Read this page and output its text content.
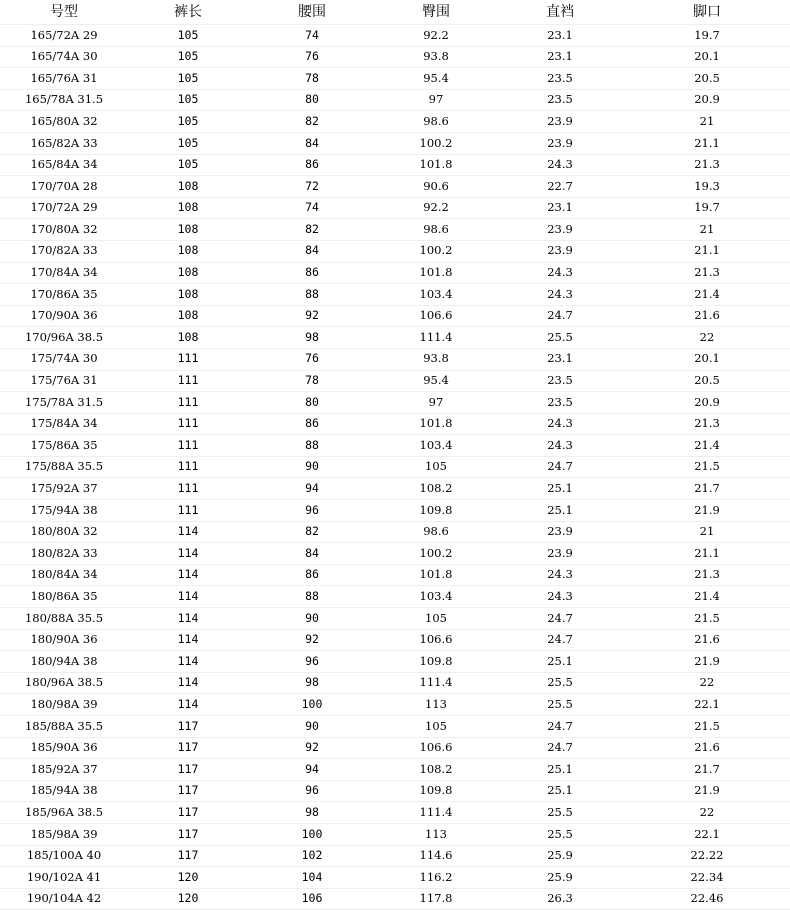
号型	裤长	腰围	臀围	直裆	脚口
165/72A 29	105	74	92.2	23.1	19.7
165/74A 30	105	76	93.8	23.1	20.1
165/76A 31	105	78	95.4	23.5	20.5
165/78A 31.5	105	80	97	23.5	20.9
165/80A 32	105	82	98.6	23.9	21
165/82A 33	105	84	100.2	23.9	21.1
165/84A 34	105	86	101.8	24.3	21.3
170/70A 28	108	72	90.6	22.7	19.3
170/72A 29	108	74	92.2	23.1	19.7
170/80A 32	108	82	98.6	23.9	21
170/82A 33	108	84	100.2	23.9	21.1
170/84A 34	108	86	101.8	24.3	21.3
170/86A 35	108	88	103.4	24.3	21.4
170/90A 36	108	92	106.6	24.7	21.6
170/96A 38.5	108	98	111.4	25.5	22
175/74A 30	111	76	93.8	23.1	20.1
175/76A 31	111	78	95.4	23.5	20.5
175/78A 31.5	111	80	97	23.5	20.9
175/84A 34	111	86	101.8	24.3	21.3
175/86A 35	111	88	103.4	24.3	21.4
175/88A 35.5	111	90	105	24.7	21.5
175/92A 37	111	94	108.2	25.1	21.7
175/94A 38	111	96	109.8	25.1	21.9
180/80A 32	114	82	98.6	23.9	21
180/82A 33	114	84	100.2	23.9	21.1
180/84A 34	114	86	101.8	24.3	21.3
180/86A 35	114	88	103.4	24.3	21.4
180/88A 35.5	114	90	105	24.7	21.5
180/90A 36	114	92	106.6	24.7	21.6
180/94A 38	114	96	109.8	25.1	21.9
180/96A 38.5	114	98	111.4	25.5	22
180/98A 39	114	100	113	25.5	22.1
185/88A 35.5	117	90	105	24.7	21.5
185/90A 36	117	92	106.6	24.7	21.6
185/92A 37	117	94	108.2	25.1	21.7
185/94A 38	117	96	109.8	25.1	21.9
185/96A 38.5	117	98	111.4	25.5	22
185/98A 39	117	100	113	25.5	22.1
185/100A 40	117	102	114.6	25.9	22.22
190/102A 41	120	104	116.2	25.9	22.34
190/104A 42	120	106	117.8	26.3	22.46
